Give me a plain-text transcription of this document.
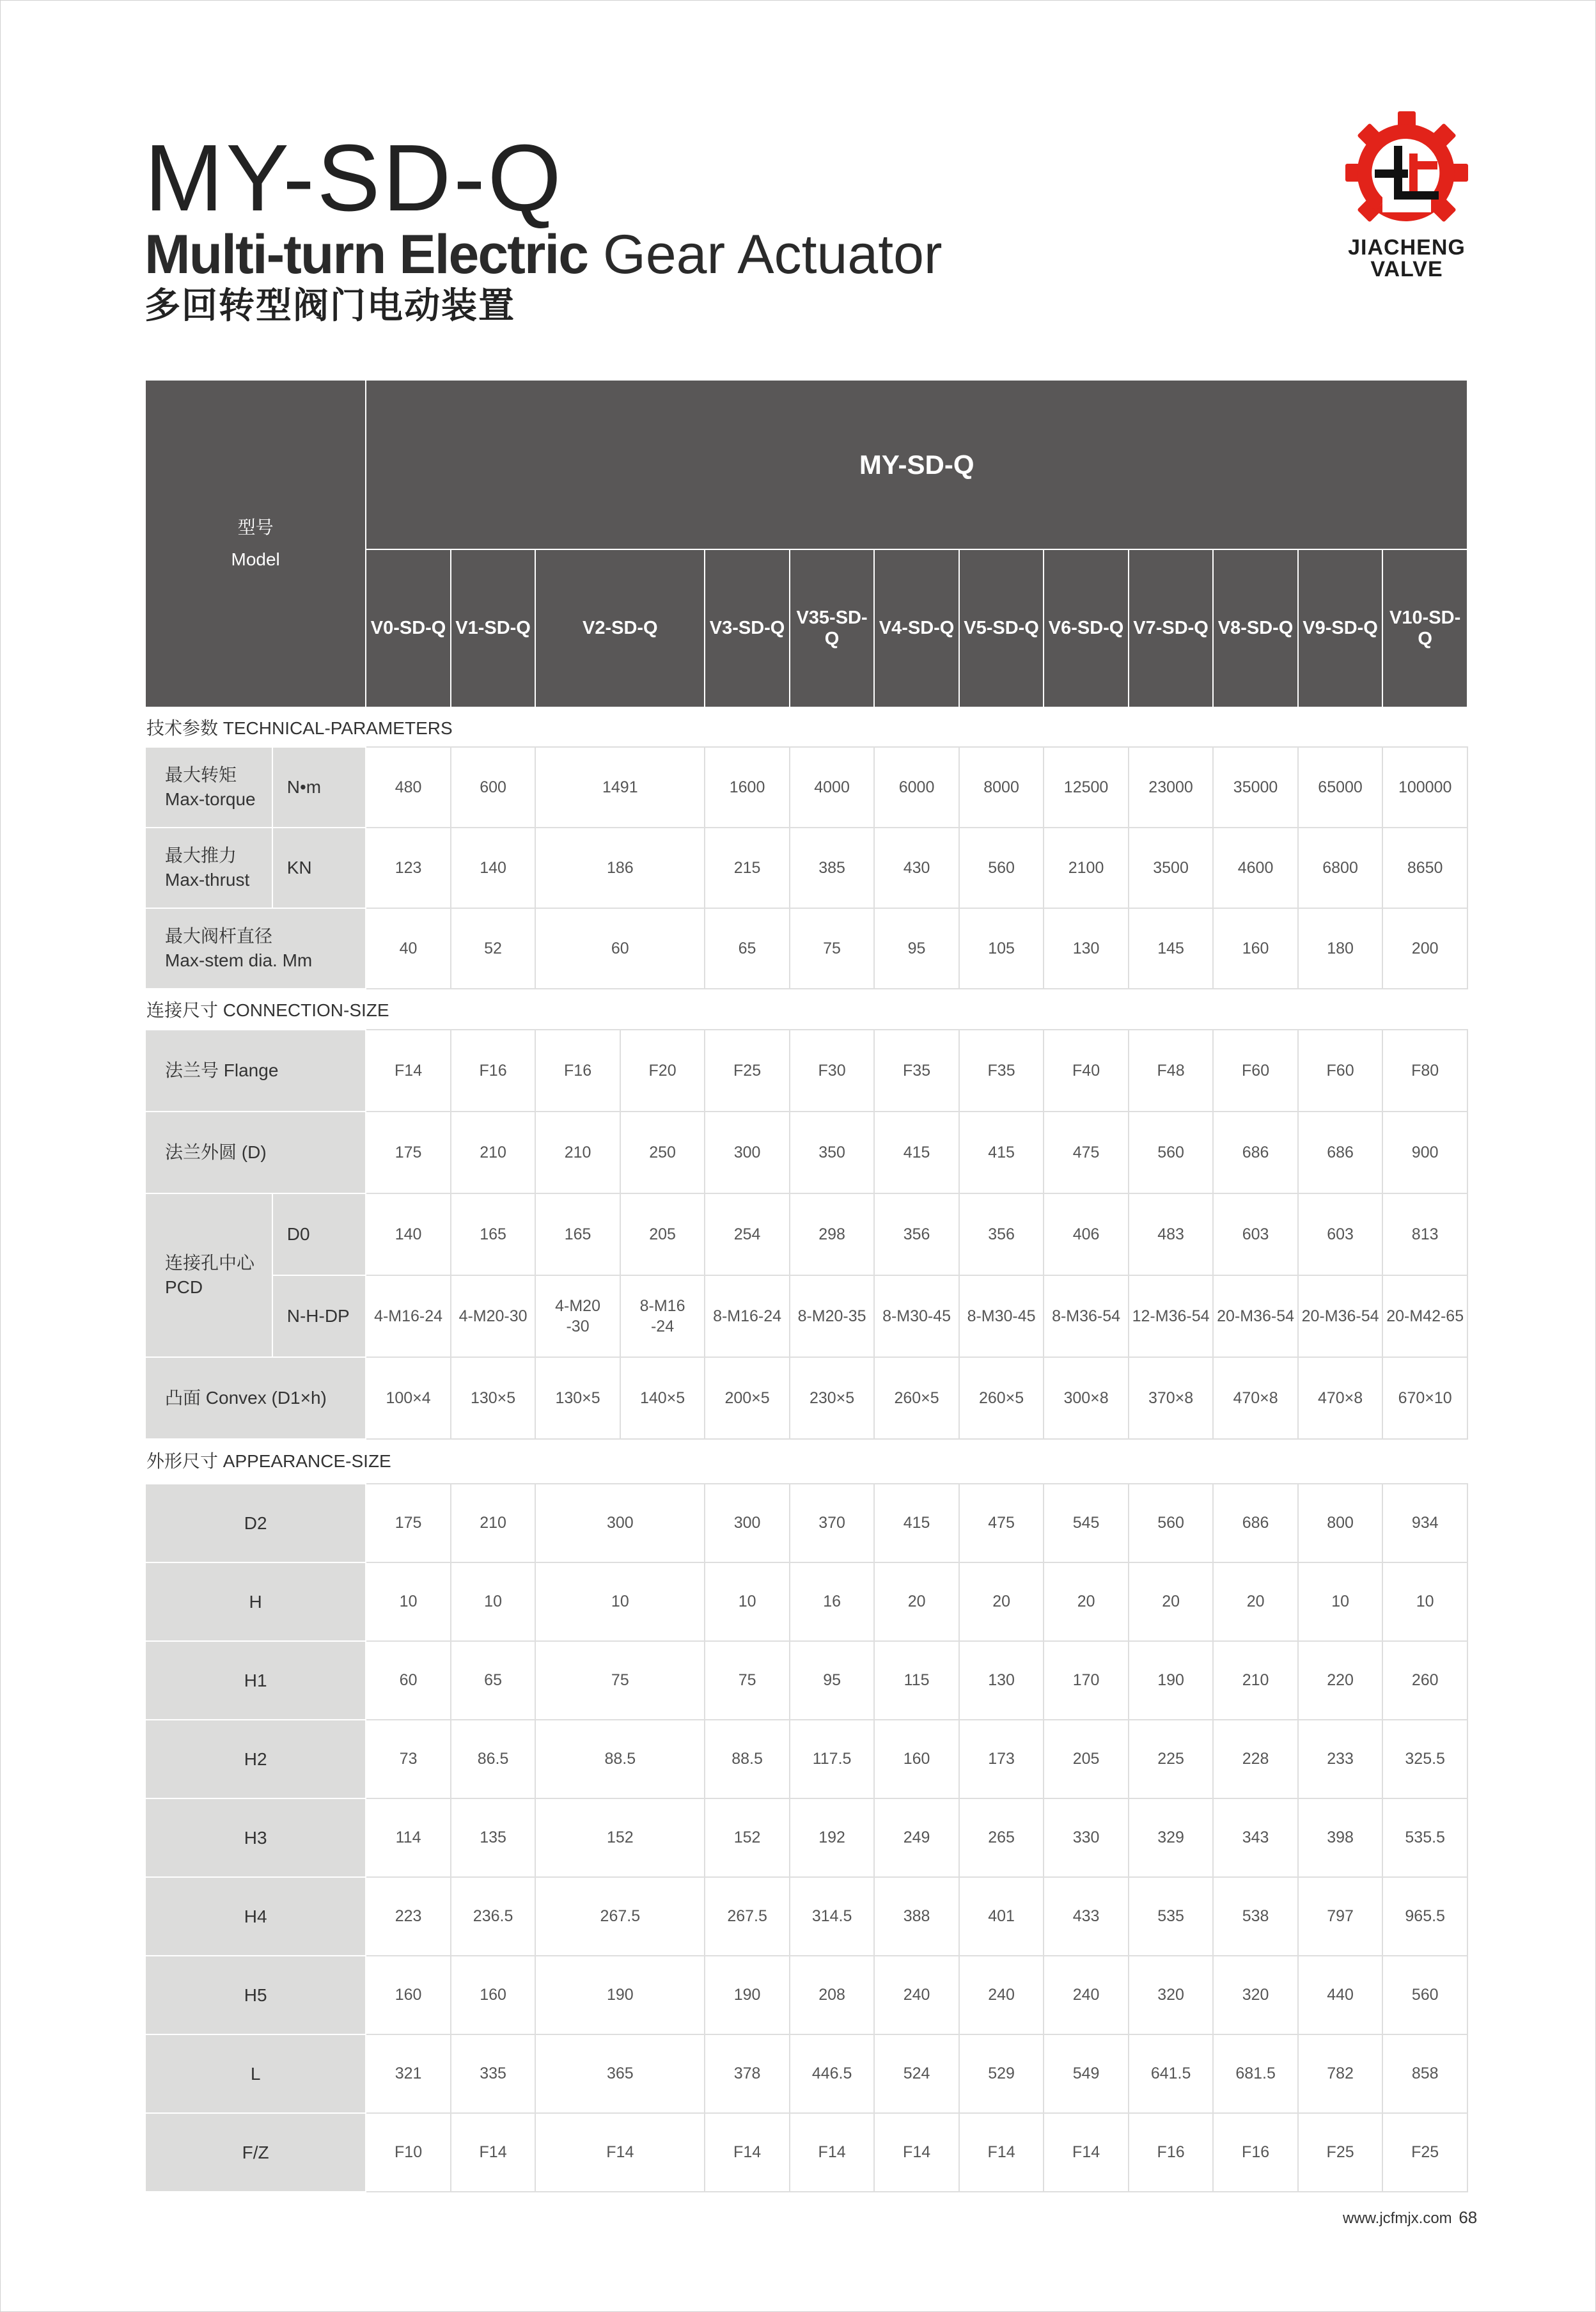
MY-SD-Q
Multi-turn Electric Gear Actuator
多回转型阀门电动装置
JIACHENG
VALVE
型号
Model		MY-SD-Q												
		V0-SD-Q	V1-SD-Q	V2-SD-Q		V3-SD-Q	V35-SD-Q	V4-SD-Q	V5-SD-Q	V6-SD-Q	V7-SD-Q	V8-SD-Q	V9-SD-Q	V10-SD-Q
技术参数 TECHNICAL-PARAMETERS														
最大转矩
Max-torque	N•m	480	600	1491		1600	4000	6000	8000	12500	23000	35000	65000	100000
最大推力
Max-thrust	KN	123	140	186		215	385	430	560	2100	3500	4600	6800	8650
最大阀杆直径
Max-stem dia. Mm		40	52	60		65	75	95	105	130	145	160	180	200
连接尺寸 CONNECTION-SIZE														
法兰号 Flange		F14	F16	F16	F20	F25	F30	F35	F35	F40	F48	F60	F60	F80
法兰外圆 (D)		175	210	210	250	300	350	415	415	475	560	686	686	900
连接孔中心
PCD	D0	140	165	165	205	254	298	356	356	406	483	603	603	813
	N-H-DP	4-M16-24	4-M20-30	4-M20
-30	8-M16
-24	8-M16-24	8-M20-35	8-M30-45	8-M30-45	8-M36-54	12-M36-54	20-M36-54	20-M36-54	20-M42-65
凸面 Convex (D1×h)		100×4	130×5	130×5	140×5	200×5	230×5	260×5	260×5	300×8	370×8	470×8	470×8	670×10
外形尺寸 APPEARANCE-SIZE														
D2	175	210	300	300	370	415	475	545	560	686	800	934
H	10	10	10	10	16	20	20	20	20	20	10	10
H1	60	65	75	75	95	115	130	170	190	210	220	260
H2	73	86.5	88.5	88.5	117.5	160	173	205	225	228	233	325.5
H3	114	135	152	152	192	249	265	330	329	343	398	535.5
H4	223	236.5	267.5	267.5	314.5	388	401	433	535	538	797	965.5
H5	160	160	190	190	208	240	240	240	320	320	440	560
L	321	335	365	378	446.5	524	529	549	641.5	681.5	782	858
F/Z	F10	F14	F14	F14	F14	F14	F14	F14	F16	F16	F25	F25
www.jcfmjx.com 68
